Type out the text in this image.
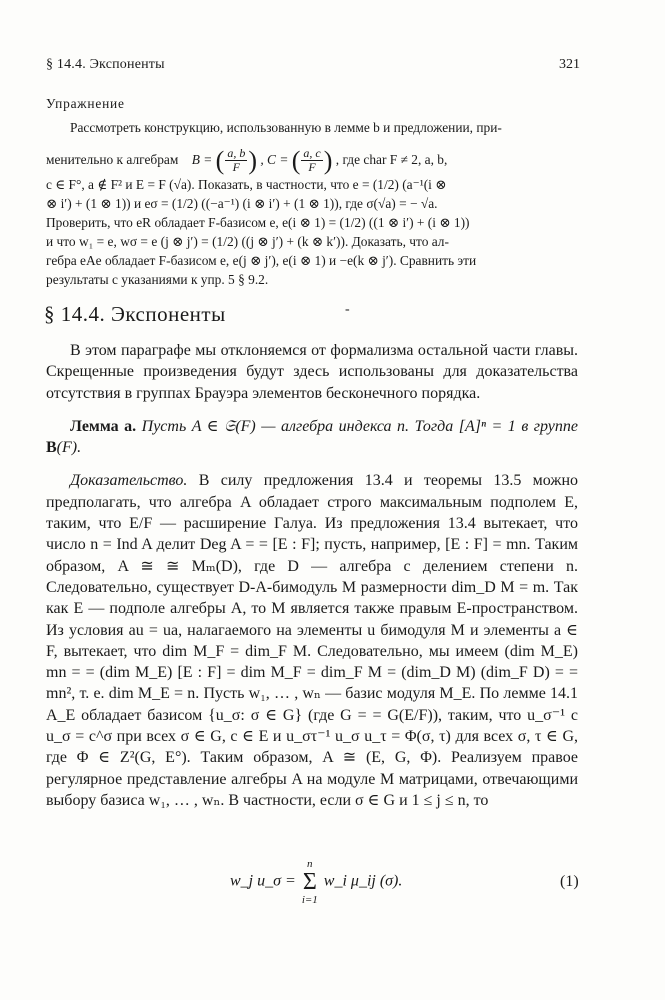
§ 14.4. Экспоненты	321
Упражнение

Рассмотреть конструкцию, использованную в лемме b и предложении, при-

менительно к алгебрам B = ( $\frac{a, b}{F}$ ) , C = ( $\frac{a, c}{F}$ ) , где char F ≠ 2, a, b,

c ∈ F°, a ∉ F² и E = F (√a). Показать, в частности, что e = (1/2) (a⁻¹(i ⊗

⊗ i′) + (1 ⊗ 1)) и eσ = (1/2) ((−a⁻¹) (i ⊗ i′) + (1 ⊗ 1)), где σ(√a) = − √a.

Проверить, что eR обладает F-базисом e, e(i ⊗ 1) = (1/2) ((1 ⊗ i′) + (i ⊗ 1))

и что w₁ = e, wσ = e (j ⊗ j′) = (1/2) ((j ⊗ j′) + (k ⊗ k′)). Доказать, что ал-

гебра eAe обладает F-базисом e, e(j ⊗ j′), e(i ⊗ 1) и −e(k ⊗ j′). Сравнить эти

результаты с указаниями к упр. 5 § 9.2.

§ 14.4. Экспоненты	-

В этом параграфе мы отклоняемся от формализма остальной части главы. Скрещенные произведения будут здесь использованы для доказательства отсутствия в группах Брауэра элементов бесконечного порядка.

Лемма a. Пусть A ∈ 𝔖(F) — алгебра индекса n. Тогда [A]ⁿ = 1 в группе B(F).

Доказательство. В силу предложения 13.4 и теоремы 13.5 можно предполагать, что алгебра A обладает строго максимальным подполем E, таким, что E/F — расширение Галуа. Из предложения 13.4 вытекает, что число n = Ind A делит Deg A = = [E : F]; пусть, например, [E : F] = mn. Таким образом, A ≅ ≅ Mₘ(D), где D — алгебра с делением степени n. Следовательно, существует D-A-бимодуль M размерности dim_D M = m. Так как E — подполе алгебры A, то M является также правым E-пространством. Из условия au = ua, налагаемого на элементы u бимодуля M и элементы a ∈ F, вытекает, что dim M_F = dim_F M. Следовательно, мы имеем (dim M_E) mn = = (dim M_E) [E : F] = dim M_F = dim_F M = (dim_D M) (dim_F D) = = mn², т. е. dim M_E = n. Пусть w₁, … , wₙ — базис модуля M_E. По лемме 14.1 A_E обладает базисом {u_σ: σ ∈ G} (где G = = G(E/F)), таким, что u_σ⁻¹ c u_σ = c^σ при всех σ ∈ G, c ∈ E и u_στ⁻¹ u_σ u_τ = Φ(σ, τ) для всех σ, τ ∈ G, где Φ ∈ Z²(G, E°). Таким образом, A ≅ (E, G, Φ). Реализуем правое регулярное представление алгебры A на модуле M матрицами, отвечающими выбору базиса w₁, … , wₙ. В частности, если σ ∈ G и 1 ≤ j ≤ n, то

w_j u_σ =
n
Σ
i=1
w_i μ_ij (σ).	(1)
